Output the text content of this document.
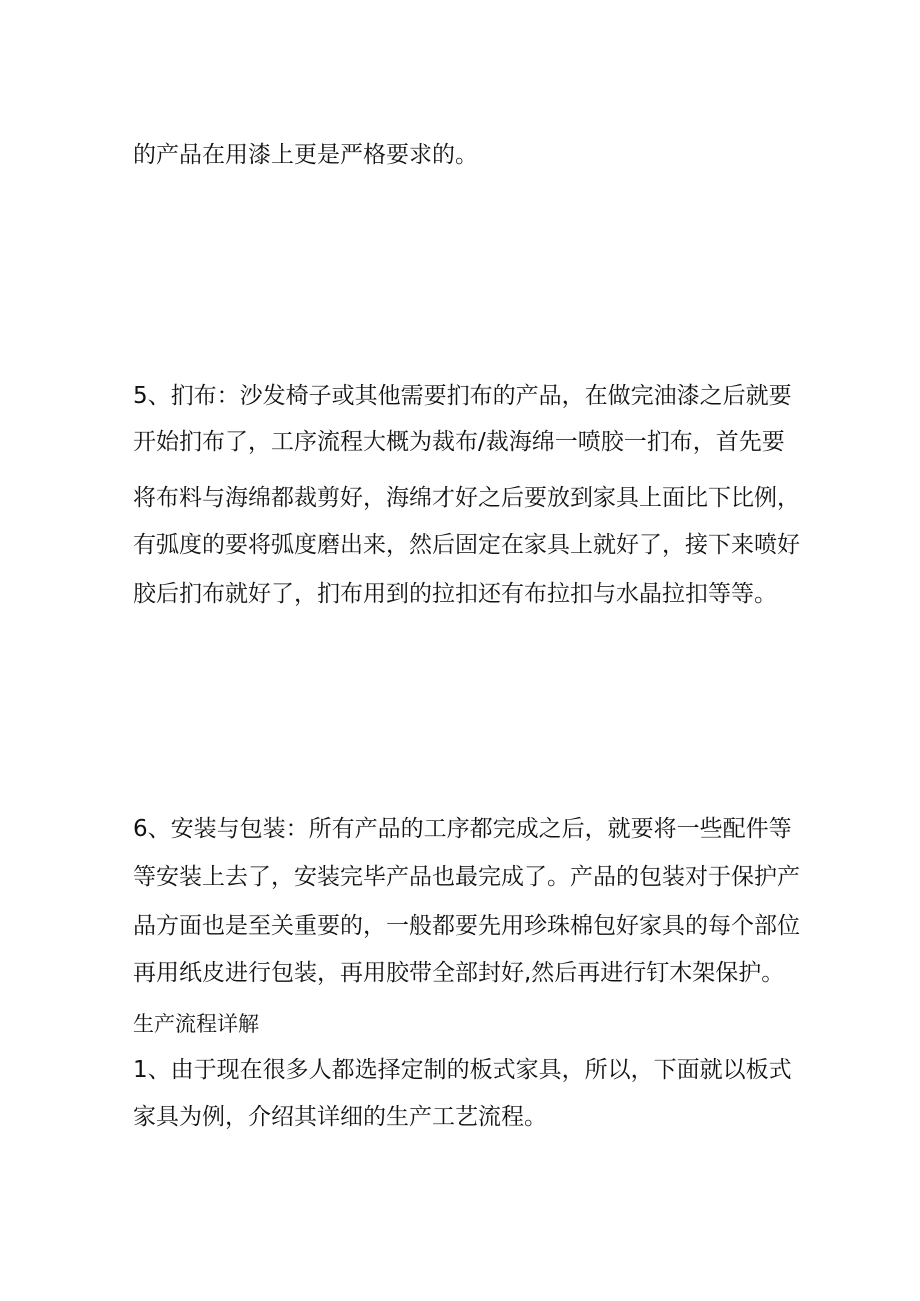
的产品在用漆上更是严格要求的。
5、扪布：沙发椅子或其他需要扪布的产品，在做完油漆之后就要
开始扪布了，工序流程大概为裁布/裁海绵一喷胶一扪布，首先要
将布料与海绵都裁剪好，海绵才好之后要放到家具上面比下比例，
有弧度的要将弧度磨出来，然后固定在家具上就好了，接下来喷好
胶后扪布就好了，扪布用到的拉扣还有布拉扣与水晶拉扣等等。
6、安装与包装：所有产品的工序都完成之后，就要将一些配件等
等安装上去了，安装完毕产品也最完成了。产品的包装对于保护产
品方面也是至关重要的，一般都要先用珍珠棉包好家具的每个部位
再用纸皮进行包装，再用胶带全部封好,然后再进行钉木架保护。
生产流程详解
1、由于现在很多人都选择定制的板式家具，所以，下面就以板式
家具为例，介绍其详细的生产工艺流程。
